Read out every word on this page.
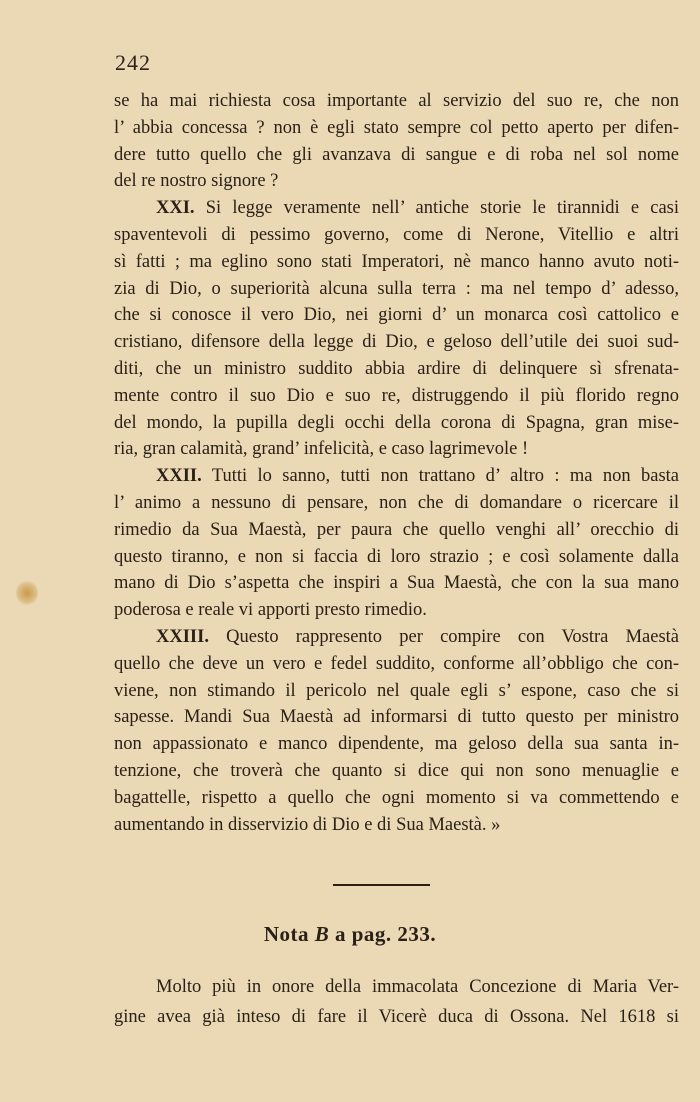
242
se ha mai richiesta cosa importante al servizio del suo re, che non
l’ abbia concessa ? non è egli stato sempre col petto aperto per difen-
dere tutto quello che gli avanzava di sangue e di roba nel sol nome
del re nostro signore ?
XXI. Si legge veramente nell’ antiche storie le tirannidi e casi
spaventevoli di pessimo governo, come di Nerone, Vitellio e altri
sì fatti ; ma eglino sono stati Imperatori, nè manco hanno avuto noti-
zia di Dio, o superiorità alcuna sulla terra : ma nel tempo d’ adesso,
che si conosce il vero Dio, nei giorni d’ un monarca così cattolico e
cristiano, difensore della legge di Dio, e geloso dell’utile dei suoi sud-
diti, che un ministro suddito abbia ardire di delinquere sì sfrenata-
mente contro il suo Dio e suo re, distruggendo il più florido regno
del mondo, la pupilla degli occhi della corona di Spagna, gran mise-
ria, gran calamità, grand’ infelicità, e caso lagrimevole !
XXII. Tutti lo sanno, tutti non trattano d’ altro : ma non basta
l’ animo a nessuno di pensare, non che di domandare o ricercare il
rimedio da Sua Maestà, per paura che quello venghi all’ orecchio di
questo tiranno, e non si faccia di loro strazio ; e così solamente dalla
mano di Dio s’aspetta che inspiri a Sua Maestà, che con la sua mano
poderosa e reale vi apporti presto rimedio.
XXIII. Questo rappresento per compire con Vostra Maestà
quello che deve un vero e fedel suddito, conforme all’obbligo che con-
viene, non stimando il pericolo nel quale egli s’ espone, caso che si
sapesse. Mandi Sua Maestà ad informarsi di tutto questo per ministro
non appassionato e manco dipendente, ma geloso della sua santa in-
tenzione, che troverà che quanto si dice qui non sono menuaglie e
bagattelle, rispetto a quello che ogni momento si va commettendo e
aumentando in disservizio di Dio e di Sua Maestà. »
Nota B a pag. 233.
Molto più in onore della immacolata Concezione di Maria Ver-
gine avea già inteso di fare il Vicerè duca di Ossona. Nel 1618 si
